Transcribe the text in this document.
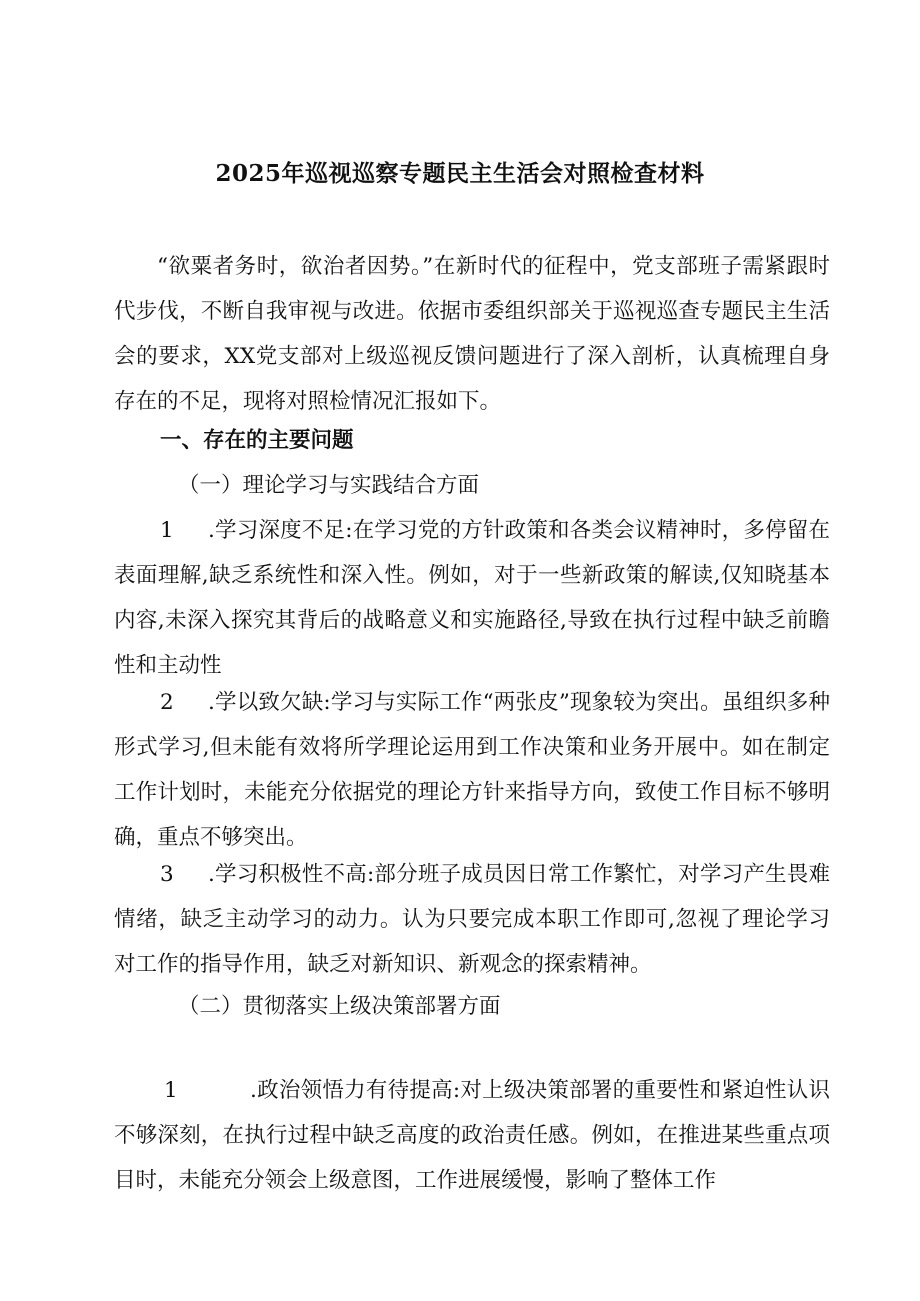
2025年巡视巡察专题民主生活会对照检查材料

“欲粟者务时，欲治者因势。”在新时代的征程中，党支部班子需紧跟时代步伐，不断自我审视与改进。依据市委组织部关于巡视巡查专题民主生活会的要求，XX党支部对上级巡视反馈问题进行了深入剖析，认真梳理自身存在的不足，现将对照检情况汇报如下。

一、存在的主要问题

（一）理论学习与实践结合方面

1 .学习深度不足:在学习党的方针政策和各类会议精神时，多停留在表面理解,缺乏系统性和深入性。例如，对于一些新政策的解读,仅知晓基本内容,未深入探究其背后的战略意义和实施路径,导致在执行过程中缺乏前瞻性和主动性

2 .学以致欠缺:学习与实际工作“两张皮”现象较为突出。虽组织多种形式学习,但未能有效将所学理论运用到工作决策和业务开展中。如在制定工作计划时，未能充分依据党的理论方针来指导方向，致使工作目标不够明确，重点不够突出。

3 .学习积极性不高:部分班子成员因日常工作繁忙，对学习产生畏难情绪，缺乏主动学习的动力。认为只要完成本职工作即可,忽视了理论学习对工作的指导作用，缺乏对新知识、新观念的探索精神。

（二）贯彻落实上级决策部署方面

1	.政治领悟力有待提高:对上级决策部署的重要性和紧迫性认识不够深刻，在执行过程中缺乏高度的政治责任感。例如，在推进某些重点项目时，未能充分领会上级意图，工作进展缓慢，影响了整体工作
